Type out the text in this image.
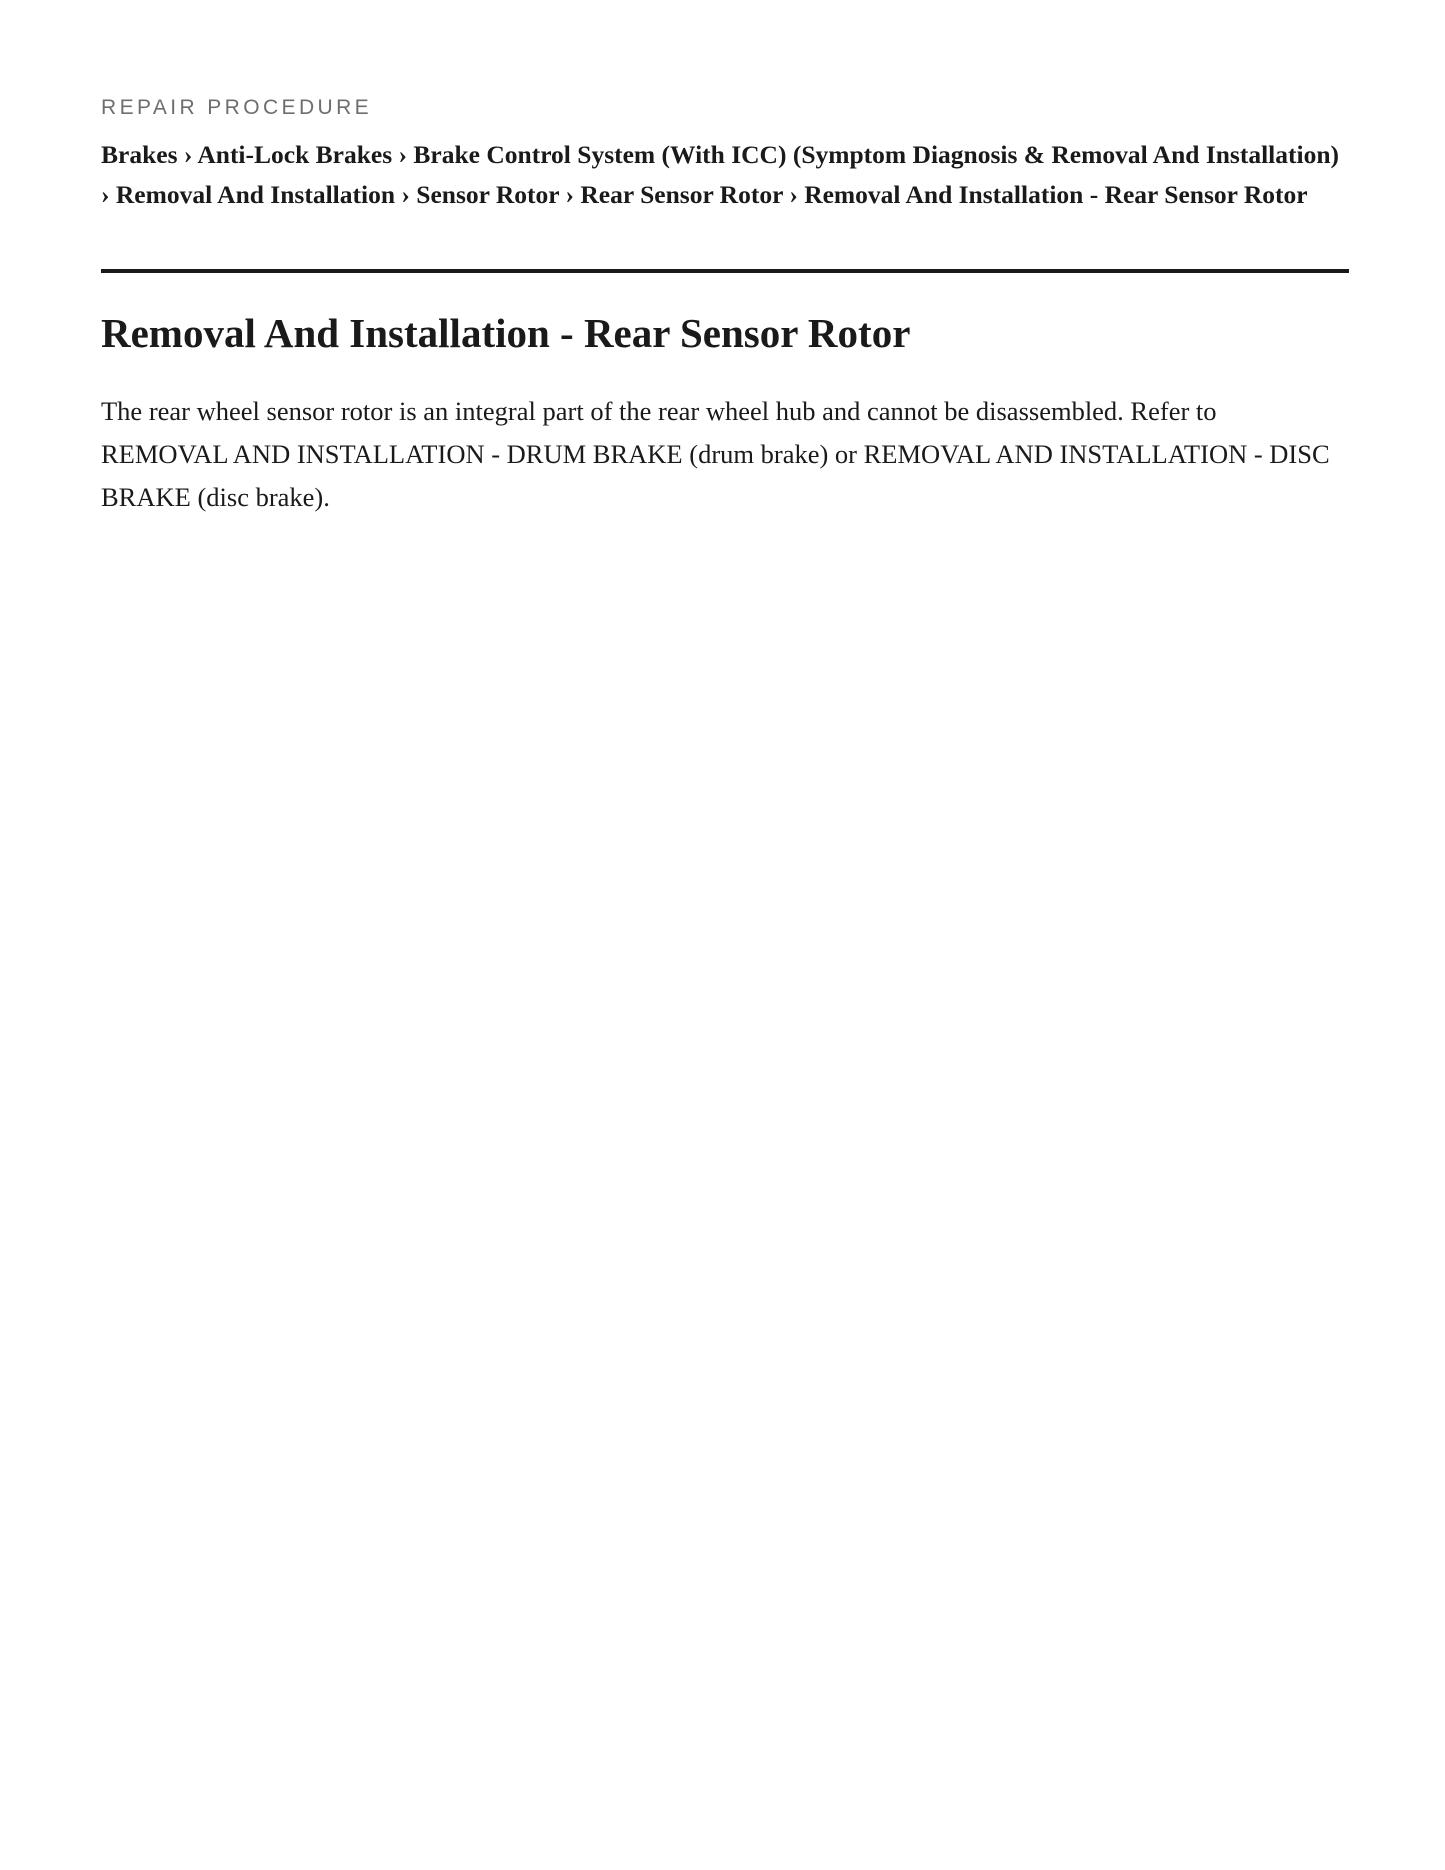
REPAIR PROCEDURE
Brakes › Anti-Lock Brakes › Brake Control System (With ICC) (Symptom Diagnosis & Removal And Installation) › Removal And Installation › Sensor Rotor › Rear Sensor Rotor › Removal And Installation - Rear Sensor Rotor
Removal And Installation - Rear Sensor Rotor

The rear wheel sensor rotor is an integral part of the rear wheel hub and cannot be disassembled. Refer to REMOVAL AND INSTALLATION - DRUM BRAKE (drum brake) or REMOVAL AND INSTALLATION - DISC BRAKE (disc brake).
